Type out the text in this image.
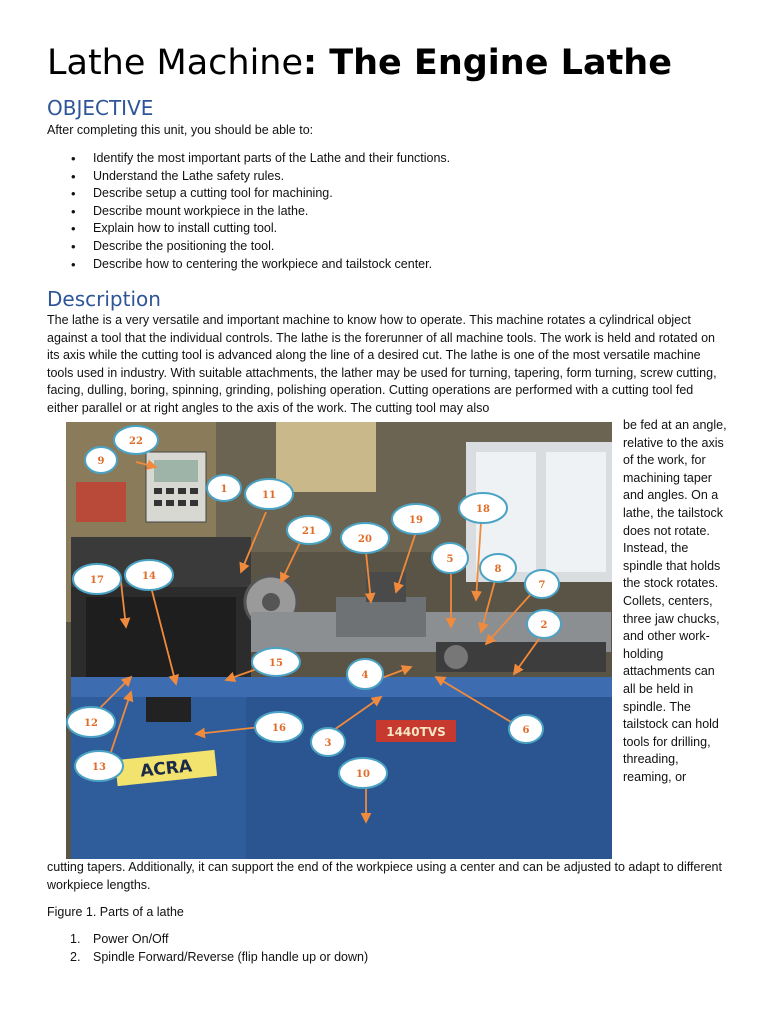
Lathe Machine: The Engine Lathe
OBJECTIVE
After completing this unit, you should be able to:
• Identify the most important parts of the Lathe and their functions.
• Understand the Lathe safety rules.
• Describe setup a cutting tool for machining.
• Describe mount workpiece in the lathe.
• Explain how to install cutting tool.
• Describe the positioning the tool.
• Describe how to centering the workpiece and tailstock center.
Description

The lathe is a very versatile and important machine to know how to operate. This machine rotates a cylindrical object against a tool that the individual controls. The lathe is the forerunner of all machine tools. The work is held and rotated on its axis while the cutting tool is advanced along the line of a desired cut. The lathe is one of the most versatile machine tools used in industry. With suitable attachments, the lather may be used for turning, tapering, form turning, screw cutting, facing, dulling, boring, spinning, grinding, polishing operation. Cutting operations are performed with a cutting tool fed either parallel or at right angles to the axis of the work. The cutting tool may also

1440TVS
ACRA
22
9
1
11
21
19
18
20
5
8
7
2
17	14
15
4
12	16
3
6
13
10

be fed at an angle, relative to the axis of the work, for machining taper and angles. On a lathe, the tailstock does not rotate. Instead, the spindle that holds the stock rotates. Collets, centers, three jaw chucks, and other work-holding attachments can all be held in spindle. The tailstock can hold tools for drilling, threading, reaming, or

cutting tapers. Additionally, it can support the end of the workpiece using a center and can be adjusted to adapt to different workpiece lengths.

Figure 1. Parts of a lathe
1. Power On/Off
2. Spindle Forward/Reverse (flip handle up or down)
